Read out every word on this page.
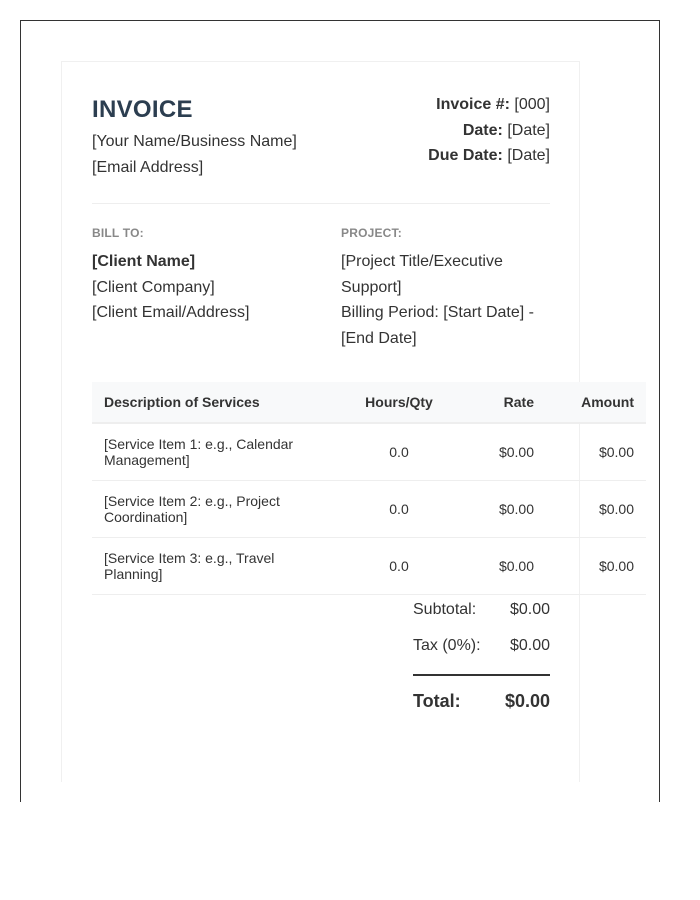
INVOICE
[Your Name/Business Name]
[Email Address]
Invoice #: [000]
Date: [Date]
Due Date: [Date]
BILL TO:
[Client Name]
[Client Company]
[Client Email/Address]
PROJECT:
[Project Title/Executive Support]
Billing Period: [Start Date] - [End Date]
Description of Services	Hours/Qty	Rate	Amount
[Service Item 1: e.g., Calendar Management]	0.0	$0.00	$0.00
[Service Item 2: e.g., Project Coordination]	0.0	$0.00	$0.00
[Service Item 3: e.g., Travel Planning]	0.0	$0.00	$0.00
Subtotal: $0.00
Tax (0%): $0.00
Total: $0.00
